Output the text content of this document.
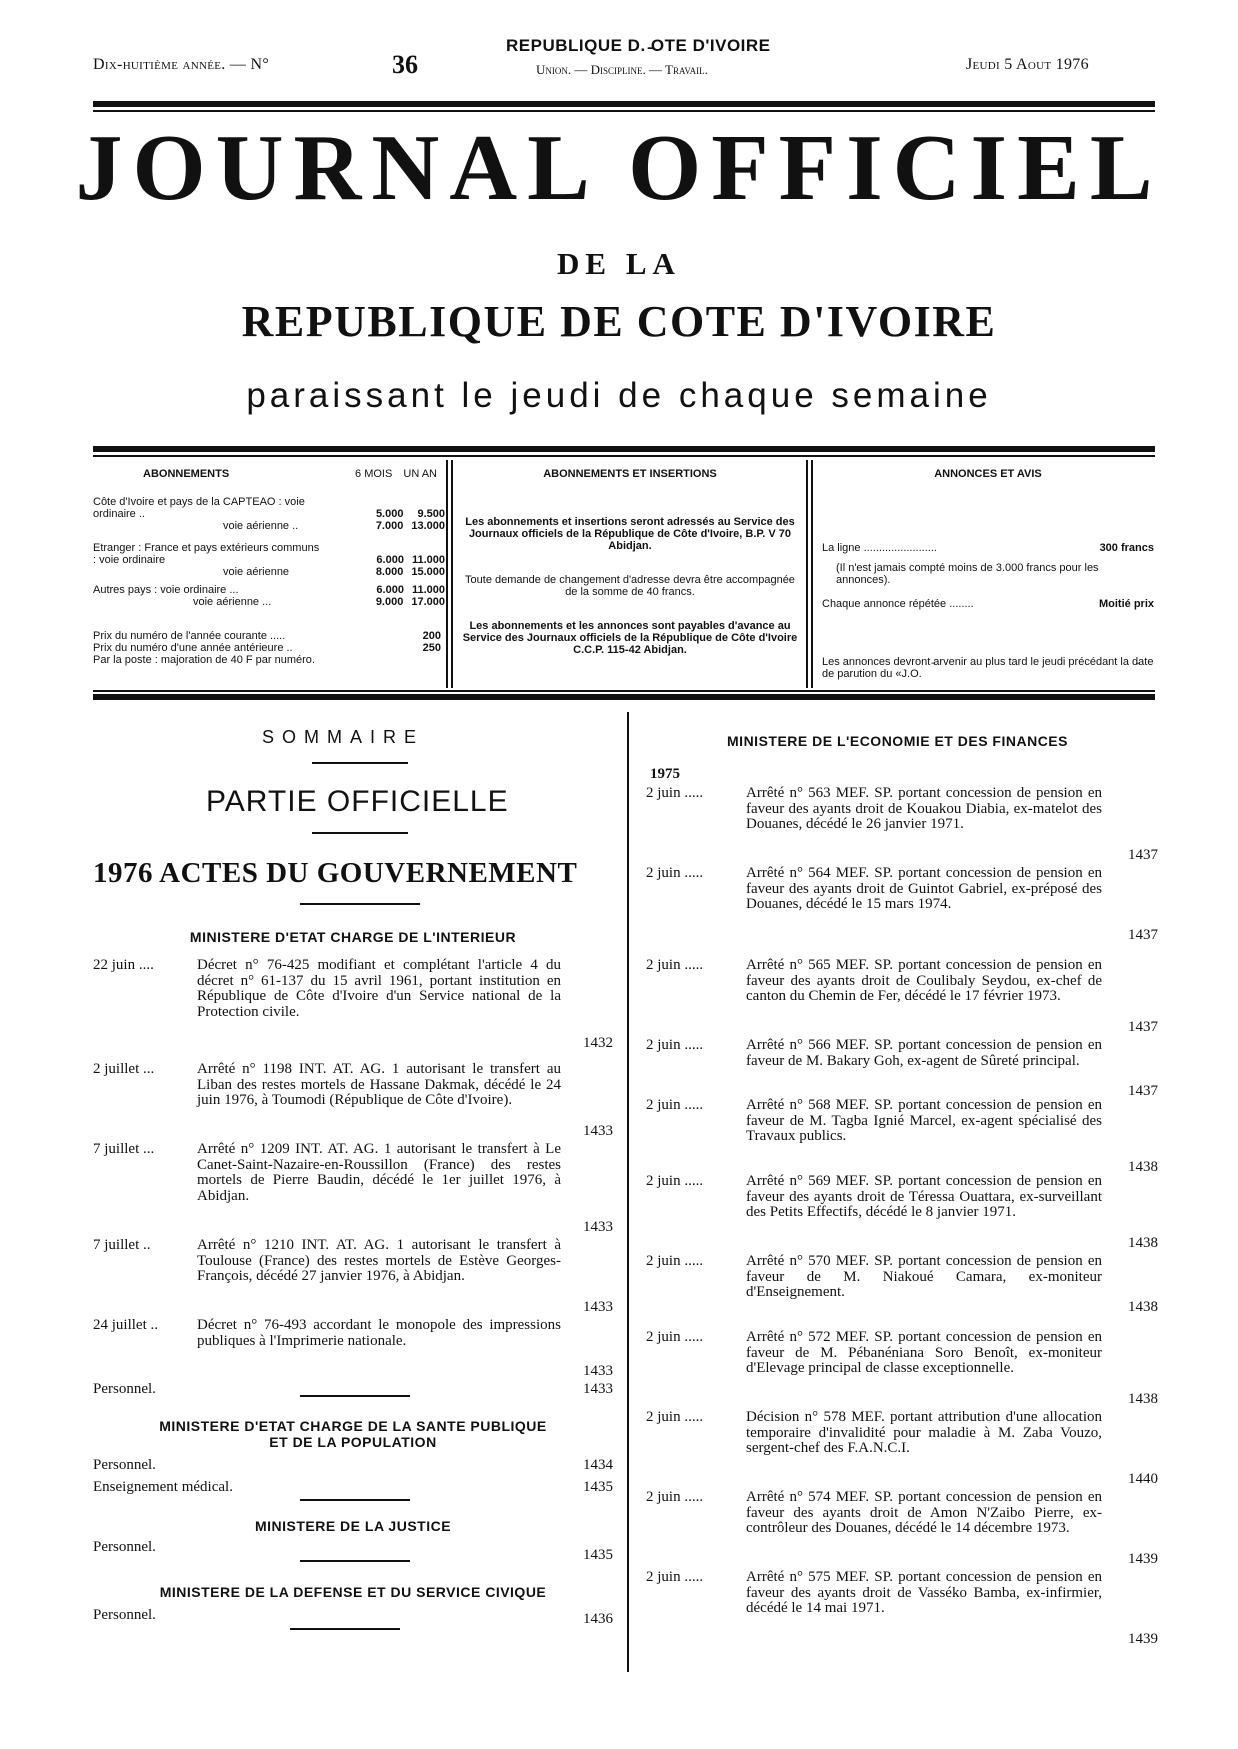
Dix-huitième année. — N°	36
REPUBLIQUE D. ̵OTE D'IVOIRE
Union. — Discipline. — Travail.	Jeudi 5 Aout 1976
JOURNAL OFFICIEL
DE LA
REPUBLIQUE DE COTE D'IVOIRE
paraissant le jeudi de chaque semaine
ABONNEMENTS	6 MOIS UN AN
Côte d'Ivoire et pays de la CAPTEAO : voie ordinaire ..	5.000 9.500
voie aérienne ..	7.000 13.000
Etranger : France et pays extérieurs communs : voie ordinaire	6.000 11.000
voie aérienne	8.000 15.000
Autres pays : voie ordinaire ...	6.000 11.000
voie aérienne ...	9.000 17.000
Prix du numéro de l'année courante .....	200
Prix du numéro d'une année antérieure ..	250
Par la poste : majoration de 40 F par numéro.
ABONNEMENTS ET INSERTIONS
Les abonnements et insertions seront adressés au Service des Journaux officiels de la République de Côte d'Ivoire, B.P. V 70 Abidjan.
Toute demande de changement d'adresse devra être accompagnée de la somme de 40 francs.
Les abonnements et les annonces sont payables d'avance au Service des Journaux officiels de la République de Côte d'Ivoire C.C.P. 115-42 Abidjan.
ANNONCES ET AVIS
La ligne ........................	300 francs
(Il n'est jamais compté moins de 3.000 francs pour les annonces).
Chaque annonce répétée ........	Moitié prix
Les annonces devront ̵arvenir au plus tard le jeudi précédant la d̵ate de parution du «J.O.
SOMMAIRE
PARTIE OFFICIELLE
1976 ACTES DU GOUVERNEMENT
MINISTERE D'ETAT CHARGE DE L'INTERIEUR
22 juin ....	Décret n° 76-425 modifiant et complétant l'article 4 du décret n° 61-137 du 15 avril 1961, portant institution en République de Côte d'Ivoire d'un Service national de la Protection civile.
1432
2 juillet ...	Arrêté n° 1198 INT. AT. AG. 1 autorisant le transfert au Liban des restes mortels de Hassane Dakmak, décédé le 24 juin 1976, à Toumodi (République de Côte d'Ivoire).
1433
7 juillet ...	Arrêté n° 1209 INT. AT. AG. 1 autorisant le transfert à Le Canet-Saint-Nazaire-en-Roussillon (France) des restes mortels de Pierre Baudin, décédé le 1er juillet 1976, à Abidjan.
1433
7 juillet ..	Arrêté n° 1210 INT. AT. AG. 1 autorisant le transfert à Toulouse (France) des restes mortels de Estève Georges-François, décédé 27 janvier 1976, à Abidjan.
1433
24 juillet ..	Décret n° 76-493 accordant le monopole des impressions publiques à l'Imprimerie nationale.
1433
Personnel.	1433
MINISTERE D'ETAT CHARGE DE LA SANTE PUBLIQUE
ET DE LA POPULATION
Personnel.	1434
Enseignement médical.	1435
MINISTERE DE LA JUSTICE
Personnel.	1435
MINISTERE DE LA DEFENSE ET DU SERVICE CIVIQUE
Personnel.	1436
MINISTERE DE L'ECONOMIE ET DES FINANCES
1975
2 juin .....	Arrêté n° 563 MEF. SP. portant concession de pension en faveur des ayants droit de Kouakou Diabia, ex-matelot des Douanes, décédé le 26 janvier 1971.
1437
2 juin .....	Arrêté n° 564 MEF. SP. portant concession de pension en faveur des ayants droit de Guintot Gabriel, ex-préposé des Douanes, décédé le 15 mars 1974.
1437
2 juin .....	Arrêté n° 565 MEF. SP. portant concession de pension en faveur des ayants droit de Coulibaly Seydou, ex-chef de canton du Chemin de Fer, décédé le 17 février 1973.
1437
2 juin .....	Arrêté n° 566 MEF. SP. portant concession de pension en faveur de M. Bakary Goh, ex-agent de Sûreté principal.
1437
2 juin .....	Arrêté n° 568 MEF. SP. portant concession de pension en faveur de M. Tagba Ignié Marcel, ex-agent spécialisé des Travaux publics.
1438
2 juin .....	Arrêté n° 569 MEF. SP. portant concession de pension en faveur des ayants droit de Téressa Ouattara, ex-surveillant des Petits Effectifs, décédé le 8 janvier 1971.
1438
2 juin .....	Arrêté n° 570 MEF. SP. portant concession de pension en faveur de M. Niakoué Camara, ex-moniteur d'Enseignement.
1438
2 juin .....	Arrêté n° 572 MEF. SP. portant concession de pension en faveur de M. Pébanéniana Soro Benoît, ex-moniteur d'Elevage principal de classe exceptionnelle.
1438
2 juin .....	Décision n° 578 MEF. portant attribution d'une allocation temporaire d'invalidité pour maladie à M. Zaba Vouzo, sergent-chef des F.A.N.C.I.
1440
2 juin .....	Arrêté n° 574 MEF. SP. portant concession de pension en faveur des ayants droit de Amon N'Zaibo Pierre, ex-contrôleur des Douanes, décédé le 14 décembre 1973.
1439
2 juin .....	Arrêté n° 575 MEF. SP. portant concession de pension en faveur des ayants droit de Vasséko Bamba, ex-infirmier, décédé le 14 mai 1971.
1439
